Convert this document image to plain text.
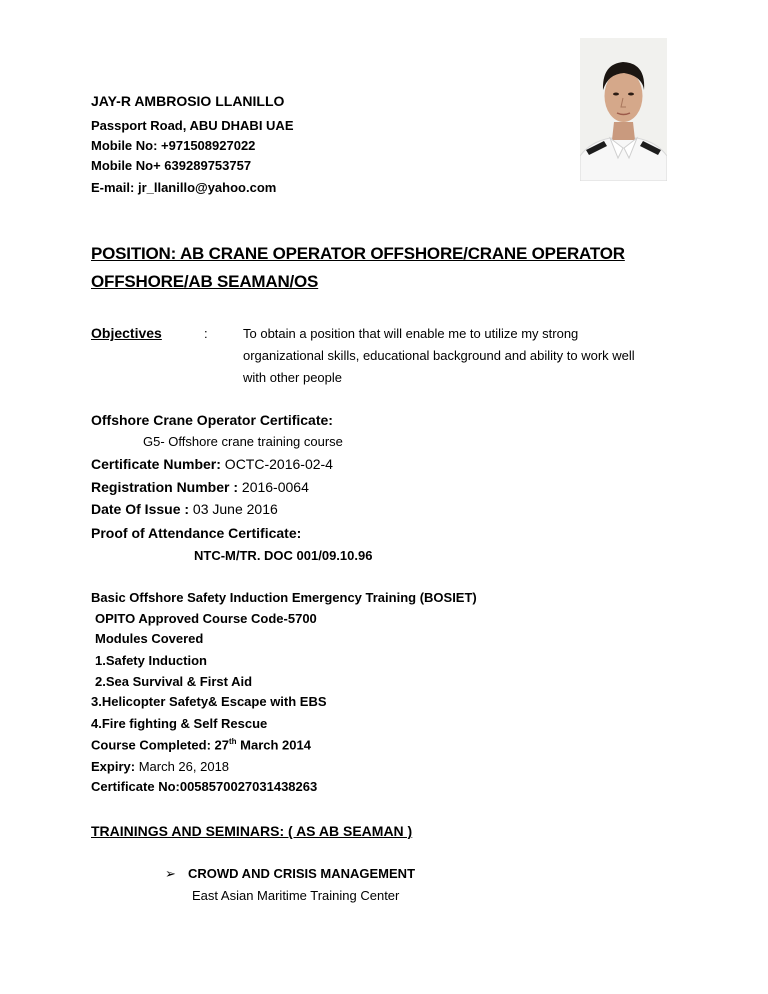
JAY-R AMBROSIO LLANILLO
Passport Road, ABU DHABI UAE
Mobile No: +971508927022
Mobile No+ 639289753757
E-mail: jr_llanillo@yahoo.com
POSITION: AB CRANE OPERATOR OFFSHORE/CRANE OPERATOR
OFFSHORE/AB SEAMAN/OS
Objectives	:	To obtain a position that will enable me to utilize my strong
organizational skills, educational background and ability to work well
with other people
Offshore Crane Operator Certificate:
G5- Offshore crane training course
Certificate Number: OCTC-2016-02-4
Registration Number : 2016-0064
Date Of Issue : 03 June 2016
Proof of Attendance Certificate:
NTC-M/TR. DOC 001/09.10.96
Basic Offshore Safety Induction Emergency Training (BOSIET)
OPITO Approved Course Code-5700
Modules Covered
1.Safety Induction
2.Sea Survival & First Aid
3.Helicopter Safety& Escape with EBS
4.Fire fighting & Self Rescue
Course Completed: 27th March 2014
Expiry: March 26, 2018
Certificate No:0058570027031438263
TRAININGS AND SEMINARS: ( AS AB SEAMAN )
➢ CROWD AND CRISIS MANAGEMENT
East Asian Maritime Training Center
